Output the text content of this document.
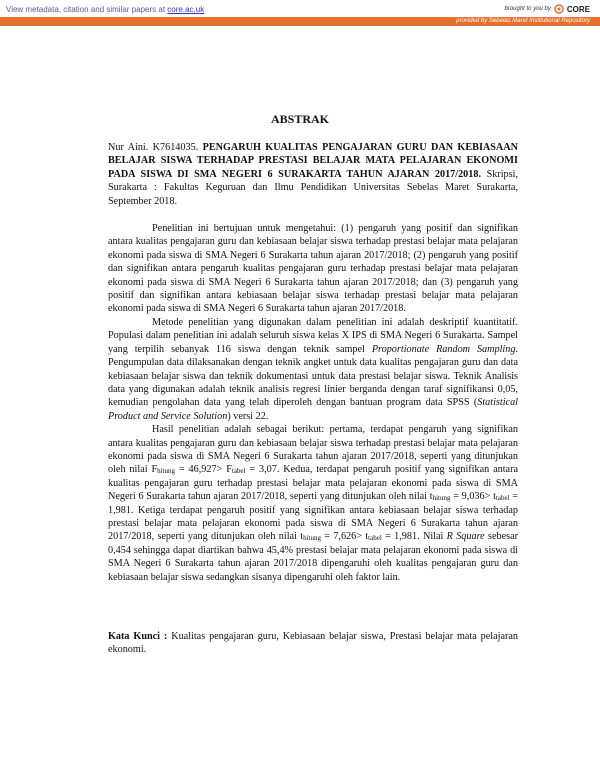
View metadata, citation and similar papers at core.ac.uk	brought to you by CORE
provided by Sebelas Maret Institutional Repository
ABSTRAK

Nur Aini. K7614035. PENGARUH KUALITAS PENGAJARAN GURU DAN KEBIASAAN BELAJAR SISWA TERHADAP PRESTASI BELAJAR MATA PELAJARAN EKONOMI PADA SISWA DI SMA NEGERI 6 SURAKARTA TAHUN AJARAN 2017/2018. Skripsi, Surakarta : Fakultas Keguruan dan Ilmu Pendidikan Universitas Sebelas Maret Surakarta, September 2018.

Penelitian ini bertujuan untuk mengetahui: (1) pengaruh yang positif dan signifikan antara kualitas pengajaran guru dan kebiasaan belajar siswa terhadap prestasi belajar mata pelajaran ekonomi pada siswa di SMA Negeri 6 Surakarta tahun ajaran 2017/2018; (2) pengaruh yang positif dan signifikan antara pengaruh kualitas pengajaran guru terhadap prestasi belajar mata pelajaran ekonomi pada siswa di SMA Negeri 6 Surakarta tahun ajaran 2017/2018; dan (3) pengaruh yang positif dan signifikan antara kebiasaan belajar siswa terhadap prestasi belajar mata pelajaran ekonomi pada siswa di SMA Negeri 6 Surakarta tahun ajaran 2017/2018.

Metode penelitian yang digunakan dalam penelitian ini adalah deskriptif kuantitatif. Populasi dalam penelitian ini adalah seluruh siswa kelas X IPS di SMA Negeri 6 Surakarta. Sampel yang terpilih sebanyak 116 siswa dengan teknik sampel Proportionate Random Sampling. Pengumpulan data dilaksanakan dengan teknik angket untuk data kualitas pengajaran guru dan data kebiasaan belajar siswa dan teknik dokumentasi untuk data prestasi belajar siswa. Teknik Analisis data yang digunakan adalah teknik analisis regresi linier berganda dengan taraf signifikansi 0,05, kemudian pengolahan data yang telah diperoleh dengan bantuan program data SPSS (Statistical Product and Service Solution) versi 22.

Hasil penelitian adalah sebagai berikut: pertama, terdapat pengaruh yang signifikan antara kualitas pengajaran guru dan kebiasaan belajar siswa terhadap prestasi belajar mata pelajaran ekonomi pada siswa di SMA Negeri 6 Surakarta tahun ajaran 2017/2018, seperti yang ditunjukan oleh nilai $F_{hitung} = 46,927> F_{tabel} = 3,07$. Kedua, terdapat pengaruh positif yang signifikan antara kualitas pengajaran guru terhadap prestasi belajar mata pelajaran ekonomi pada siswa di SMA Negeri 6 Surakarta tahun ajaran 2017/2018, seperti yang ditunjukan oleh nilai $t_{hitung} = 9,036> t_{tabel} = 1,981$. Ketiga terdapat pengaruh positif yang signifikan antara kebiasaan belajar siswa terhadap prestasi belajar mata pelajaran ekonomi pada siswa di SMA Negeri 6 Surakarta tahun ajaran 2017/2018, seperti yang ditunjukan oleh nilai $t_{hitung} = 7,626> t_{tabel} = 1,981$. Nilai R Square sebesar 0,454 sehingga dapat diartikan bahwa 45,4% prestasi belajar mata pelajaran ekonomi pada siswa di SMA Negeri 6 Surakarta tahun ajaran 2017/2018 dipengaruhi oleh kualitas pengajaran guru dan kebiasaan belajar siswa sedangkan sisanya dipengaruhi oleh faktor lain.

Kata Kunci : Kualitas pengajaran guru, Kebiasaan belajar siswa, Prestasi belajar mata pelajaran ekonomi.
